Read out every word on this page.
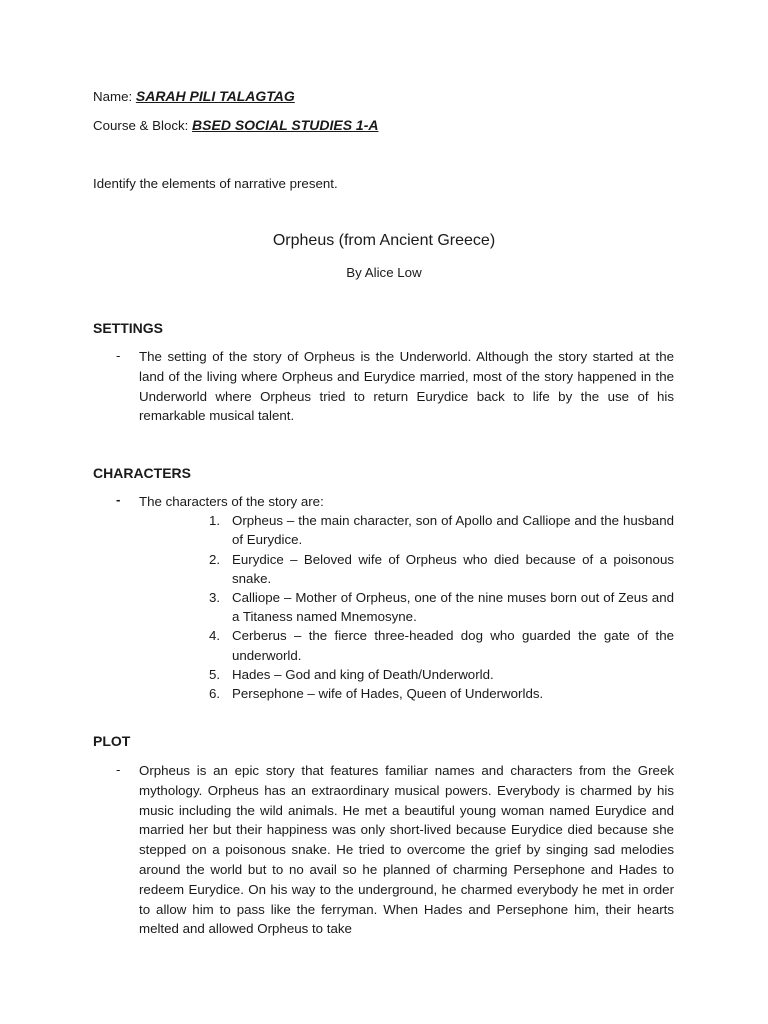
Name: SARAH PILI TALAGTAG
Course & Block: BSED SOCIAL STUDIES 1-A
Identify the elements of narrative present.
Orpheus (from Ancient Greece)
By Alice Low
SETTINGS
- The setting of the story of Orpheus is the Underworld. Although the story started at the land of the living where Orpheus and Eurydice married, most of the story happened in the Underworld where Orpheus tried to return Eurydice back to life by the use of his remarkable musical talent.
CHARACTERS
- The characters of the story are:
1. Orpheus – the main character, son of Apollo and Calliope and the husband of Eurydice.
2. Eurydice – Beloved wife of Orpheus who died because of a poisonous snake.
3. Calliope – Mother of Orpheus, one of the nine muses born out of Zeus and a Titaness named Mnemosyne.
4. Cerberus – the fierce three-headed dog who guarded the gate of the underworld.
5. Hades – God and king of Death/Underworld.
6. Persephone – wife of Hades, Queen of Underworlds.
PLOT
- Orpheus is an epic story that features familiar names and characters from the Greek mythology. Orpheus has an extraordinary musical powers. Everybody is charmed by his music including the wild animals. He met a beautiful young woman named Eurydice and married her but their happiness was only short-lived because Eurydice died because she stepped on a poisonous snake. He tried to overcome the grief by singing sad melodies around the world but to no avail so he planned of charming Persephone and Hades to redeem Eurydice. On his way to the underground, he charmed everybody he met in order to allow him to pass like the ferryman. When Hades and Persephone him, their hearts melted and allowed Orpheus to take
